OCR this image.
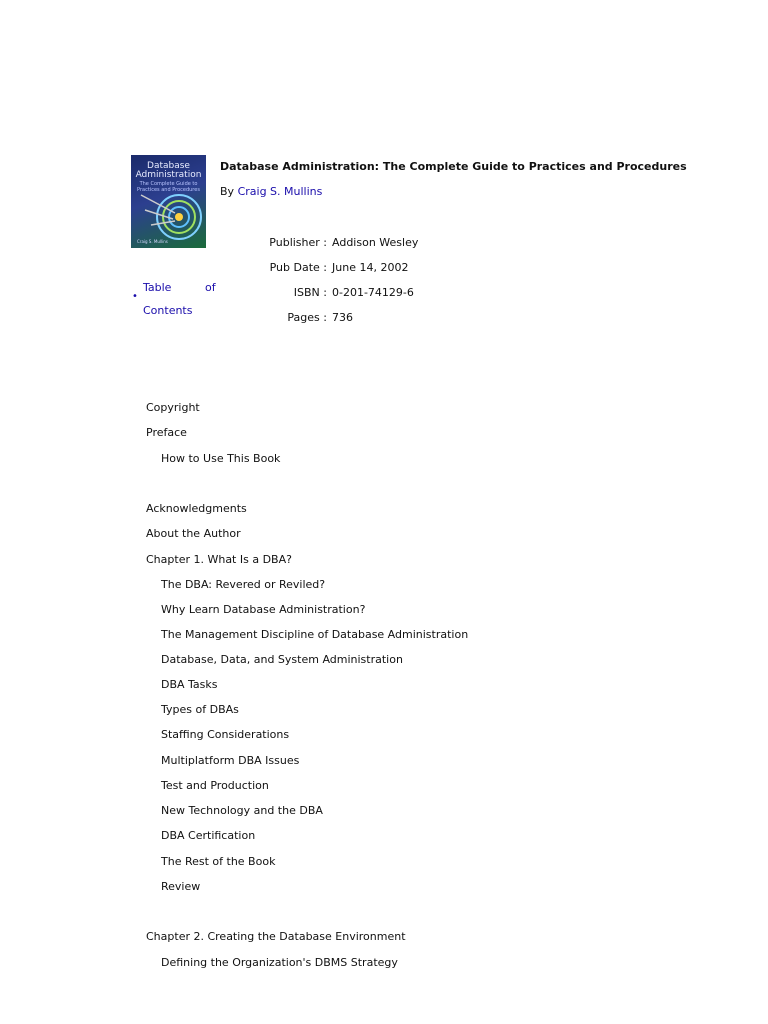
Database
Administration
The Complete Guide to Practices and Procedures
Craig S. Mullins
Database Administration: The Complete Guide to Practices and Procedures
By Craig S. Mullins
Publisher : Addison Wesley
Pub Date : June 14, 2002
ISBN : 0-201-74129-6
Pages : 736
•
Table	of
Contents
Copyright
Preface
How to Use This Book
Acknowledgments
About the Author
Chapter 1. What Is a DBA?
The DBA: Revered or Reviled?
Why Learn Database Administration?
The Management Discipline of Database Administration
Database, Data, and System Administration
DBA Tasks
Types of DBAs
Staffing Considerations
Multiplatform DBA Issues
Test and Production
New Technology and the DBA
DBA Certification
The Rest of the Book
Review
Chapter 2. Creating the Database Environment
Defining the Organization's DBMS Strategy
